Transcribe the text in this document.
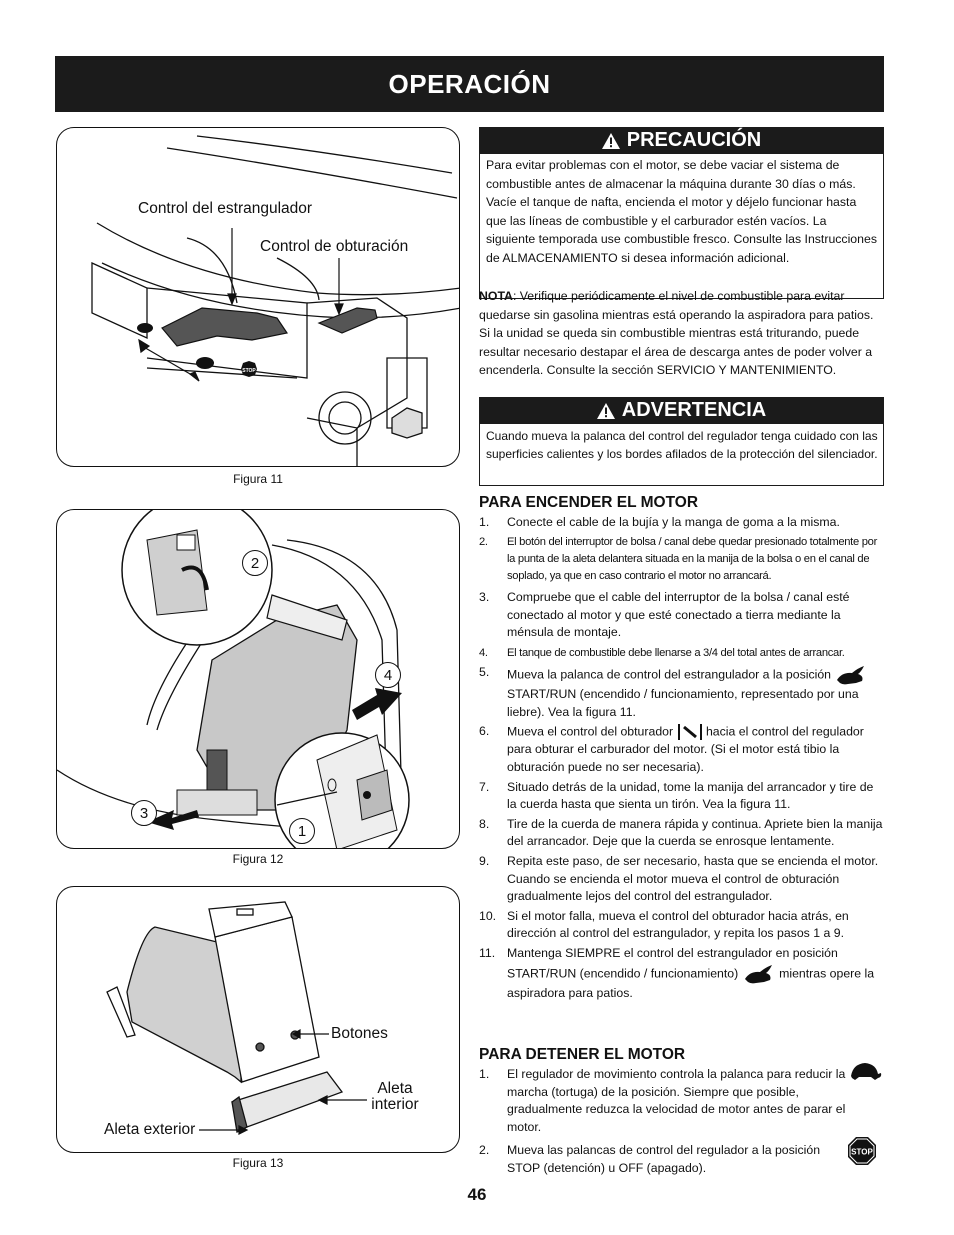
OPERACIÓN
STOP
Control del estrangulador
Control de obturación
Figura 11
2
4
3
1
Figura 12
Botones
Aleta interior
Aleta exterior
Figura 13
PRECAUCIÓN
Para evitar problemas con el motor, se debe vaciar el sistema de combustible antes de almacenar la máquina durante 30 días o más. Vacíe el tanque de nafta, encienda el motor y déjelo funcionar hasta que las líneas de combustible y el carburador estén vacíos. La siguiente temporada use combustible fresco. Consulte las Instrucciones de ALMACENAMIENTO si desea información adicional.
NOTA: Verifique periódicamente el nivel de combustible para evitar quedarse sin gasolina mientras está operando la aspiradora para patios. Si la unidad se queda sin combustible mientras está triturando, puede resultar necesario destapar el área de descarga antes de poder volver a encenderla. Consulte la sección SERVICIO Y MANTENIMIENTO.
ADVERTENCIA
Cuando mueva la palanca del control del regulador tenga cuidado con las superficies calientes y los bordes afilados de la protección del silenciador.
PARA ENCENDER EL MOTOR
1. Conecte el cable de la bujía y la manga de goma a la misma.
2. El botón del interruptor de bolsa / canal debe quedar presionado totalmente por la punta de la aleta delantera situada en la manija de la bolsa o en el canal de soplado, ya que en caso contrario el motor no arrancará.
3. Compruebe que el cable del interruptor de la bolsa / canal esté conectado al motor y que esté conectado a tierra mediante la ménsula de montaje.
4. El tanque de combustible debe llenarse a 3/4 del total antes de arrancar.
5. Mueva la palanca de control del estrangulador a la posición  START/RUN (encendido / funcionamiento, representado por una liebre). Vea la figura 11.
6. Mueva el control del obturador	hacia el control del regulador para obturar el carburador del motor. (Si el motor está tibio la obturación puede no ser necesaria).
7. Situado detrás de la unidad, tome la manija del arrancador y tire de la cuerda hasta que sienta un tirón. Vea la figura 11.
8. Tire de la cuerda de manera rápida y continua. Apriete bien la manija del arrancador. Deje que la cuerda se enrosque lentamente.
9. Repita este paso, de ser necesario, hasta que se encienda el motor. Cuando se encienda el motor mueva el control de obturación gradualmente lejos del control del estrangulador.
10. Si el motor falla, mueva el control del obturador hacia atrás, en dirección al control del estrangulador, y repita los pasos 1 a 9.
11. Mantenga SIEMPRE el control del estrangulador en posición START/RUN (encendido / funcionamiento)	mientras opere la aspiradora para patios.
PARA DETENER EL MOTOR
1. El regulador de movimiento controla la palanca para reducir la marcha (tortuga) de la posición. Siempre que posible, gradualmente reduzca la velocidad de motor antes de parar el motor.
2. Mueva las palancas de control del regulador a la posición STOP (detención) u OFF (apagado).
STOP
46
